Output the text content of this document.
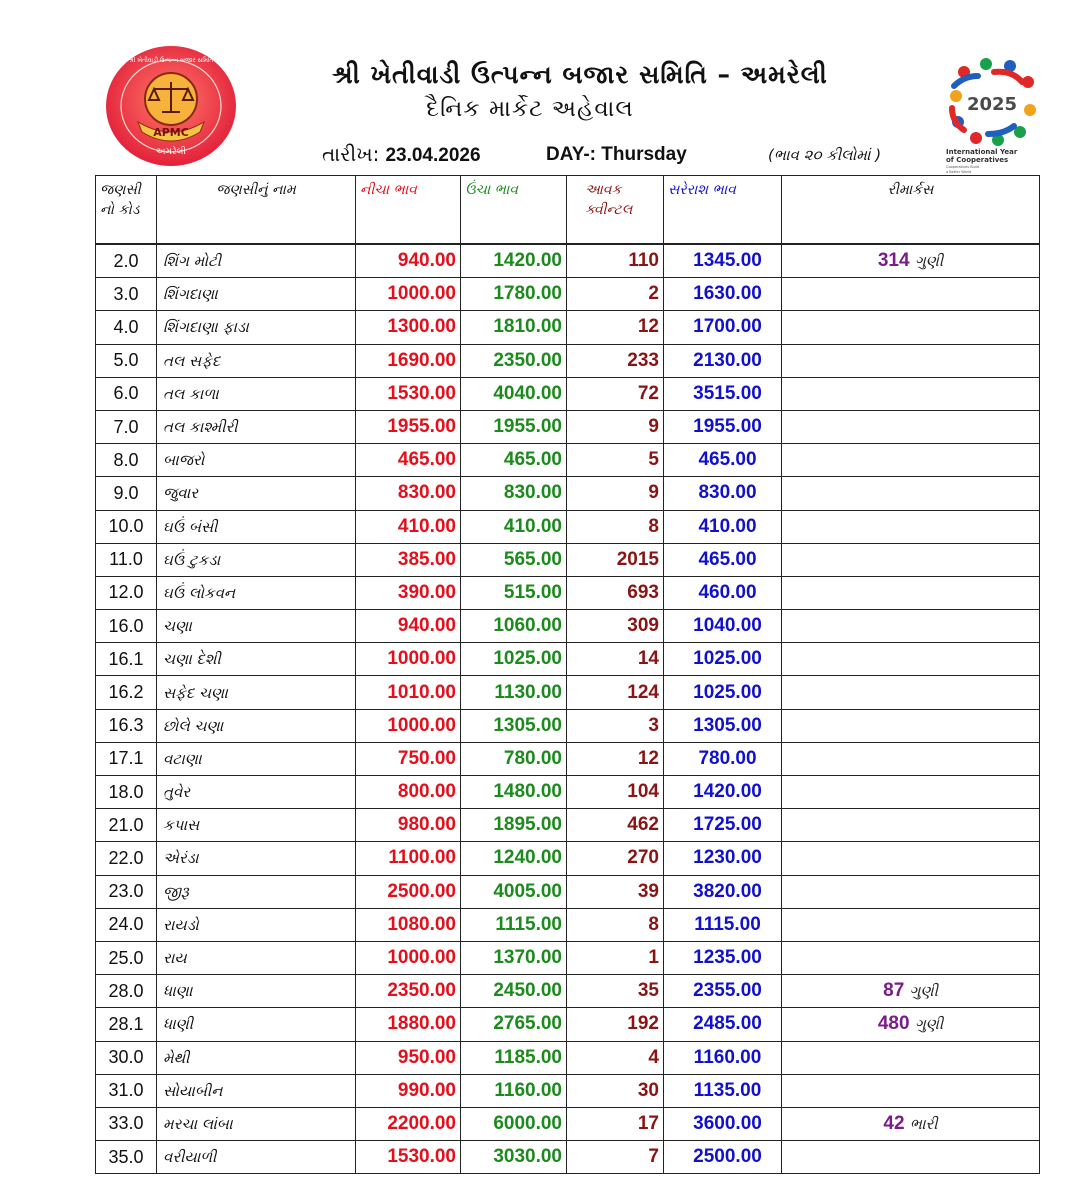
APMC
અમરેલી
શ્રી ખેતીવાડી ઉત્પન્ન બજાર સમિતિ
2025
International Year
of Cooperatives
Cooperatives Build
a Better World
શ્રી ખેતીવાડી ઉત્પન્ન બજાર સમિતિ – અમરેલી
દૈનિક માર્કેટ અહેવાલ
તારીખ: 23.04.2026	DAY-: Thursday	(ભાવ ૨૦ કીલોમાં )
જણસી નો કોડ	જણસીનું નામ	નીચા ભાવ	ઉંચા ભાવ	આવક ક્વીન્ટલ	સરેરાશ ભાવ	રીમાર્કસ
2.0	શિંગ મોટી	940.00	1420.00	110	1345.00	314 ગુણી
3.0	શિંગદાણા	1000.00	1780.00	2	1630.00	
4.0	શિંગદાણા ફાડા	1300.00	1810.00	12	1700.00	
5.0	તલ સફેદ	1690.00	2350.00	233	2130.00	
6.0	તલ કાળા	1530.00	4040.00	72	3515.00	
7.0	તલ કાશ્મીરી	1955.00	1955.00	9	1955.00	
8.0	બાજરો	465.00	465.00	5	465.00	
9.0	જુવાર	830.00	830.00	9	830.00	
10.0	ઘઉં બંસી	410.00	410.00	8	410.00	
11.0	ઘઉં ટુકડા	385.00	565.00	2015	465.00	
12.0	ઘઉં લોકવન	390.00	515.00	693	460.00	
16.0	ચણા	940.00	1060.00	309	1040.00	
16.1	ચણા દેશી	1000.00	1025.00	14	1025.00	
16.2	સફેદ ચણા	1010.00	1130.00	124	1025.00	
16.3	છોલે ચણા	1000.00	1305.00	3	1305.00	
17.1	વટાણા	750.00	780.00	12	780.00	
18.0	તુવેર	800.00	1480.00	104	1420.00	
21.0	કપાસ	980.00	1895.00	462	1725.00	
22.0	એરંડા	1100.00	1240.00	270	1230.00	
23.0	જીરૂ	2500.00	4005.00	39	3820.00	
24.0	રાયડો	1080.00	1115.00	8	1115.00	
25.0	રાય	1000.00	1370.00	1	1235.00	
28.0	ધાણા	2350.00	2450.00	35	2355.00	87 ગુણી
28.1	ધાણી	1880.00	2765.00	192	2485.00	480 ગુણી
30.0	મેથી	950.00	1185.00	4	1160.00	
31.0	સોયાબીન	990.00	1160.00	30	1135.00	
33.0	મરચા લાંબા	2200.00	6000.00	17	3600.00	42 ભારી
35.0	વરીયાળી	1530.00	3030.00	7	2500.00	
